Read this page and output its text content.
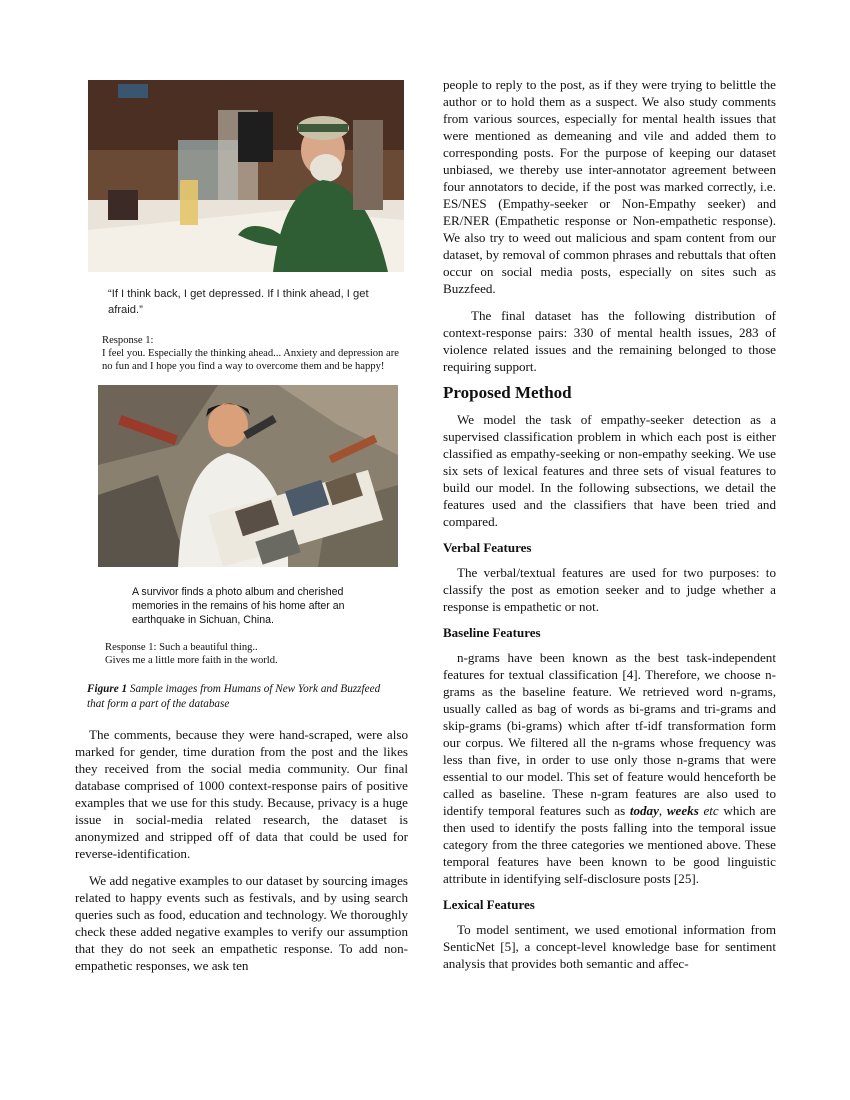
“If I think back, I get depressed. If I think ahead, I get afraid.”
Response 1:
I feel you. Especially the thinking ahead... Anxiety and depression are no fun and I hope you find a way to overcome them and be happy!
A survivor finds a photo album and cherished memories in the remains of his home after an earthquake in Sichuan, China.
Response 1: Such a beautiful thing..
Gives me a little more faith in the world.
Figure 1 Sample images from Humans of New York and Buzzfeed that form a part of the database

The comments, because they were hand-scraped, were also marked for gender, time duration from the post and the likes they received from the social media community. Our final database comprised of 1000 context-response pairs of positive examples that we use for this study. Because, privacy is a huge issue in social-media related research, the dataset is anonymized and stripped off of data that could be used for reverse-identification.

We add negative examples to our dataset by sourcing images related to happy events such as festivals, and by using search queries such as food, education and technology. We thoroughly check these added negative examples to verify our assumption that they do not seek an empathetic response. To add non-empathetic responses, we ask ten

people to reply to the post, as if they were trying to belittle the author or to hold them as a suspect. We also study comments from various sources, especially for mental health issues that were mentioned as demeaning and vile and added them to corresponding posts. For the purpose of keeping our dataset unbiased, we thereby use inter-annotator agreement between four annotators to decide, if the post was marked correctly, i.e. ES/NES (Empathy-seeker or Non-Empathy seeker) and ER/NER (Empathetic response or Non-empathetic response). We also try to weed out malicious and spam content from our dataset, by removal of common phrases and rebuttals that often occur on social media posts, especially on sites such as Buzzfeed.

The final dataset has the following distribution of context-response pairs: 330 of mental health issues, 283 of violence related issues and the remaining belonged to those requiring support.

Proposed Method

We model the task of empathy-seeker detection as a supervised classification problem in which each post is either classified as empathy-seeking or non-empathy seeking. We use six sets of lexical features and three sets of visual features to build our model. In the following subsections, we detail the features used and the classifiers that have been tried and compared.

Verbal Features

The verbal/textual features are used for two purposes: to classify the post as emotion seeker and to judge whether a response is empathetic or not.

Baseline Features

n-grams have been known as the best task-independent features for textual classification [4]. Therefore, we choose n-grams as the baseline feature. We retrieved word n-grams, usually called as bag of words as bi-grams and tri-grams and skip-grams (bi-grams) which after tf-idf transformation form our corpus. We filtered all the n-grams whose frequency was less than five, in order to use only those n-grams that were essential to our model. This set of feature would henceforth be called as baseline. These n-gram features are also used to identify temporal features such as today, weeks etc which are then used to identify the posts falling into the temporal issue category from the three categories we mentioned above. These temporal features have been known to be good linguistic attribute in identifying self-disclosure posts [25].

Lexical Features

To model sentiment, we used emotional information from SenticNet [5], a concept-level knowledge base for sentiment analysis that provides both semantic and affec-
